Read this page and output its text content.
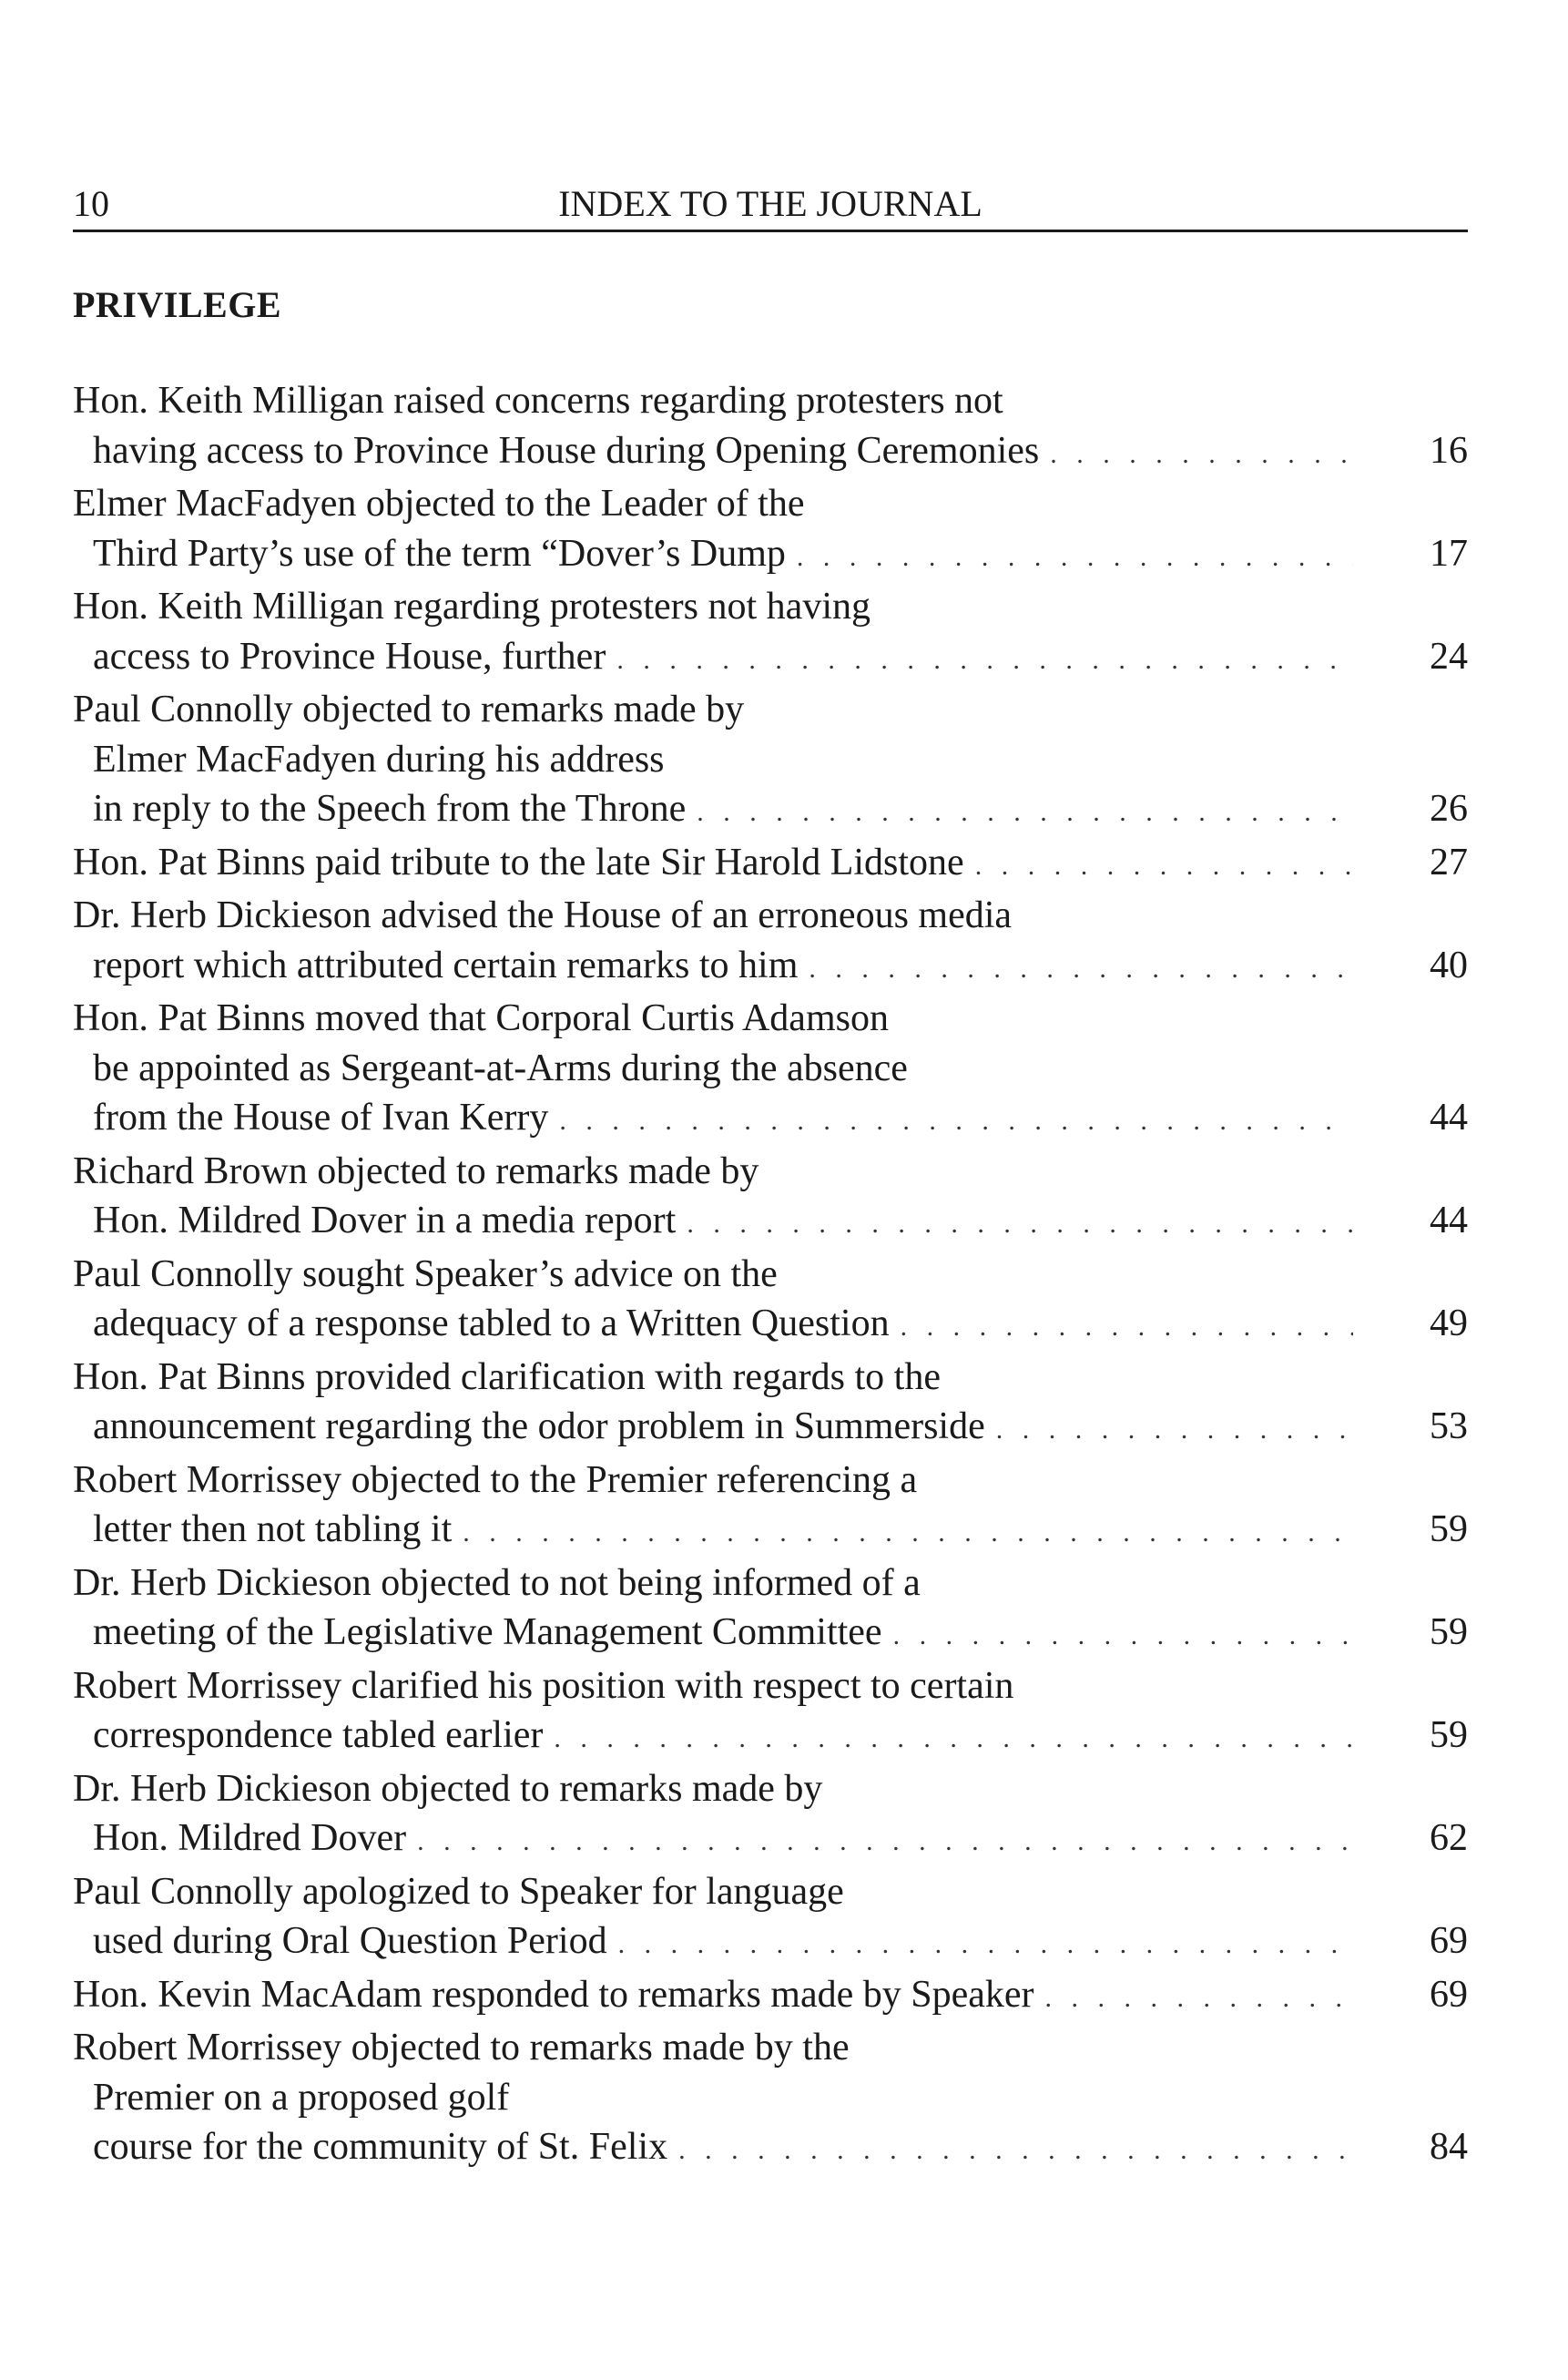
10	INDEX TO THE JOURNAL
PRIVILEGE
Hon. Keith Milligan raised concerns regarding protesters not
having access to Province House during Opening Ceremonies . . .	16
Elmer MacFadyen objected to the Leader of the
Third Party’s use of the term “Dover’s Dump . . .	17
Hon. Keith Milligan regarding protesters not having
access to Province House, further . . .	24
Paul Connolly objected to remarks made by
Elmer MacFadyen during his address
in reply to the Speech from the Throne . . .	26
Hon. Pat Binns paid tribute to the late Sir Harold Lidstone . . .	27
Dr. Herb Dickieson advised the House of an erroneous media
report which attributed certain remarks to him . . .	40
Hon. Pat Binns moved that Corporal Curtis Adamson
be appointed as Sergeant-at-Arms during the absence
from the House of Ivan Kerry . . .	44
Richard Brown objected to remarks made by
Hon. Mildred Dover in a media report . . .	44
Paul Connolly sought Speaker’s advice on the
adequacy of a response tabled to a Written Question . . .	49
Hon. Pat Binns provided clarification with regards to the
announcement regarding the odor problem in Summerside . . .	53
Robert Morrissey objected to the Premier referencing a
letter then not tabling it . . .	59
Dr. Herb Dickieson objected to not being informed of a
meeting of the Legislative Management Committee . . .	59
Robert Morrissey clarified his position with respect to certain
correspondence tabled earlier . . .	59
Dr. Herb Dickieson objected to remarks made by
Hon. Mildred Dover . . .	62
Paul Connolly apologized to Speaker for language
used during Oral Question Period . . .	69
Hon. Kevin MacAdam responded to remarks made by Speaker . . .	69
Robert Morrissey objected to remarks made by the
Premier on a proposed golf
course for the community of St. Felix . . .	84
